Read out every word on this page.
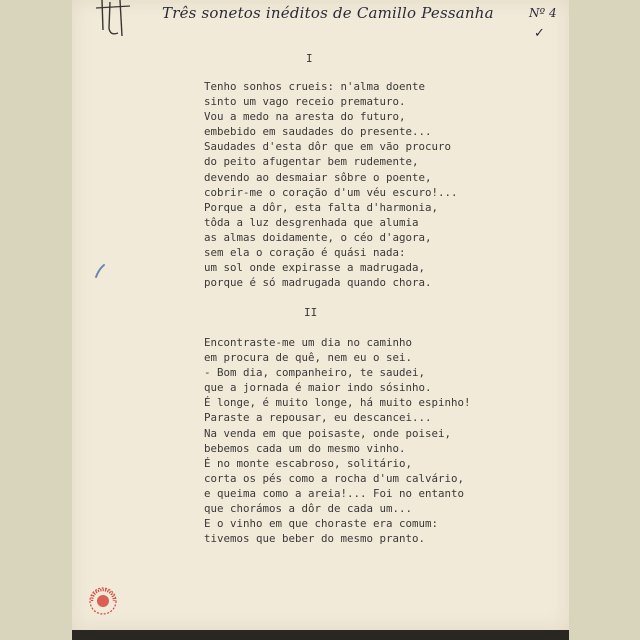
Três sonetos inéditos de Camillo Pessanha	Nº 4
✓
I
Tenho sonhos crueis: n'alma doente
sinto um vago receio prematuro.
Vou a medo na aresta do futuro,
embebido em saudades do presente...
Saudades d'esta dôr que em vão procuro
do peito afugentar bem rudemente,
devendo ao desmaiar sôbre o poente,
cobrir-me o coração d'um véu escuro!...
Porque a dôr, esta falta d'harmonia,
tôda a luz desgrenhada que alumia
as almas doidamente, o céo d'agora,
sem ela o coração é quási nada:
um sol onde expirasse a madrugada,
porque é só madrugada quando chora.
II
Encontraste-me um dia no caminho
em procura de quê, nem eu o sei.
- Bom dia, companheiro, te saudei,
que a jornada é maior indo sósinho.
É longe, é muito longe, há muito espinho!
Paraste a repousar, eu descancei...
Na venda em que poisaste, onde poisei,
bebemos cada um do mesmo vinho.
É no monte escabroso, solitário,
corta os pés como a rocha d'um calvário,
e queima como a areia!... Foi no entanto
que chorámos a dôr de cada um...
E o vinho em que choraste era comum:
tivemos que beber do mesmo pranto.
